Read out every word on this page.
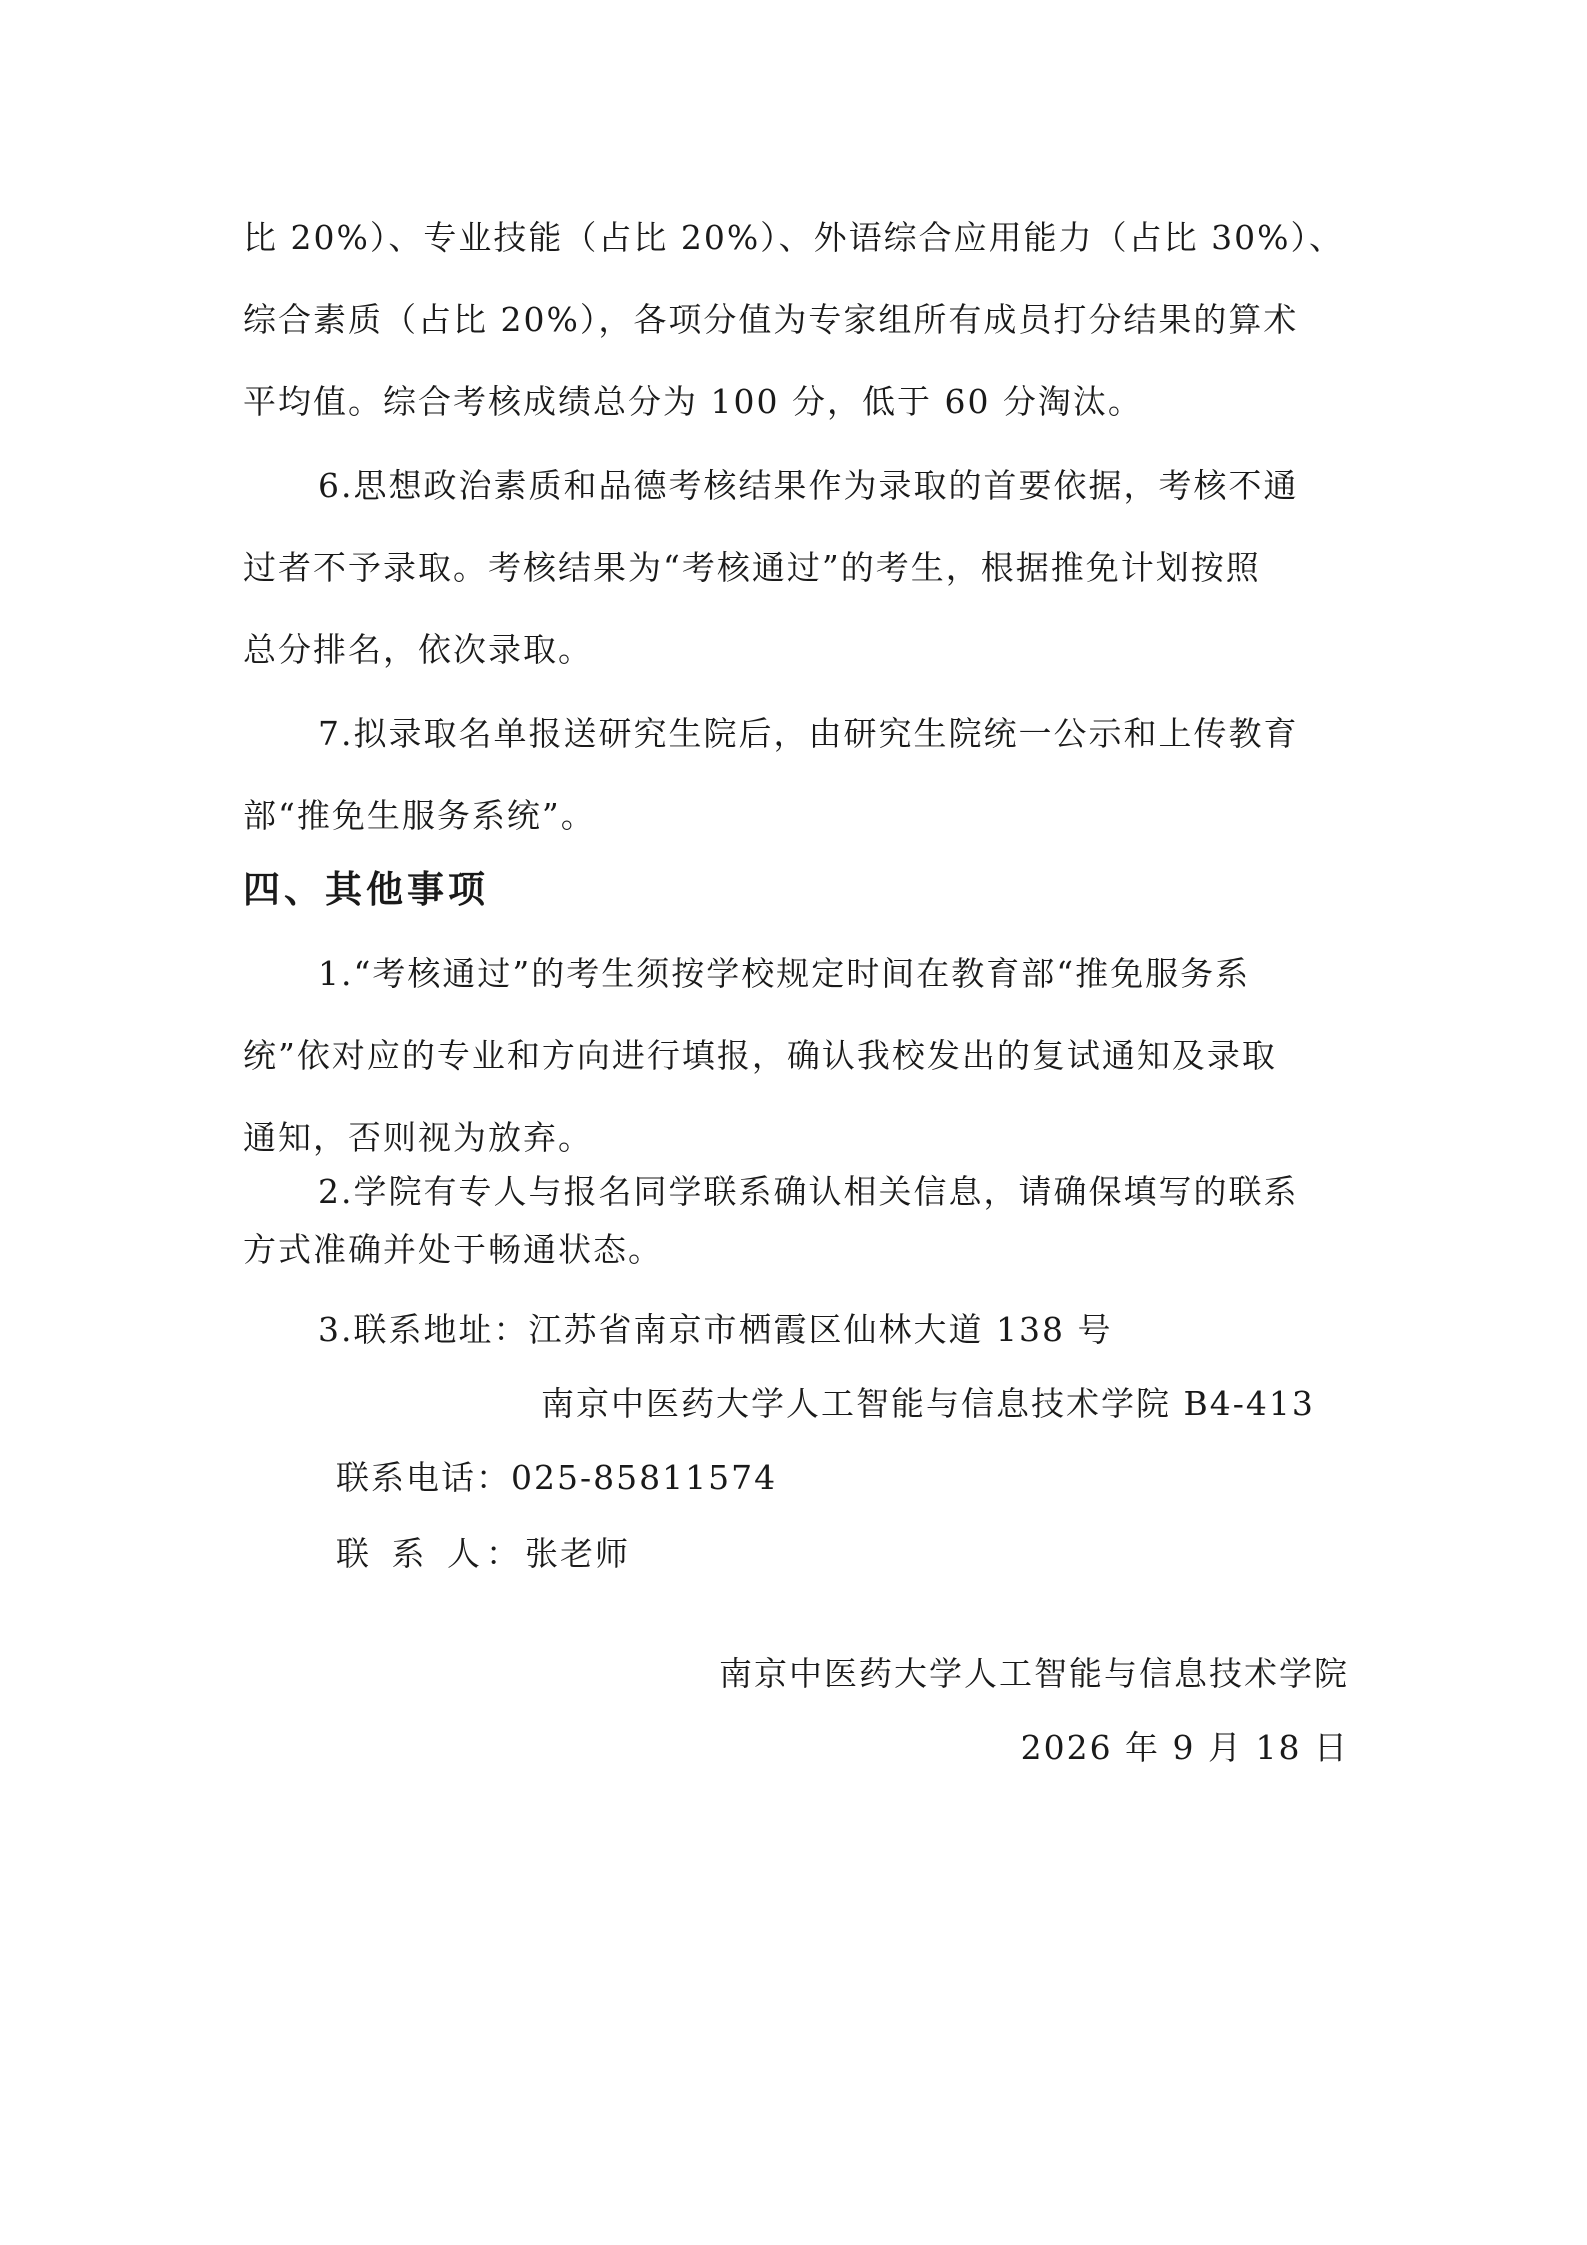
比 20%）、专业技能（占比 20%）、外语综合应用能力（占比 30%）、
综合素质（占比 20%），各项分值为专家组所有成员打分结果的算术
平均值。综合考核成绩总分为 100 分，低于 60 分淘汰。
6.思想政治素质和品德考核结果作为录取的首要依据，考核不通
过者不予录取。考核结果为“考核通过”的考生，根据推免计划按照
总分排名，依次录取。
7.拟录取名单报送研究生院后，由研究生院统一公示和上传教育
部“推免生服务系统”。
四、其他事项
1.“考核通过”的考生须按学校规定时间在教育部“推免服务系
统”依对应的专业和方向进行填报，确认我校发出的复试通知及录取
通知，否则视为放弃。
2.学院有专人与报名同学联系确认相关信息，请确保填写的联系
方式准确并处于畅通状态。
3.联系地址：江苏省南京市栖霞区仙林大道 138 号
南京中医药大学人工智能与信息技术学院 B4-413
联系电话：025-85811574
联 系 人：张老师
南京中医药大学人工智能与信息技术学院
2026 年 9 月 18 日
